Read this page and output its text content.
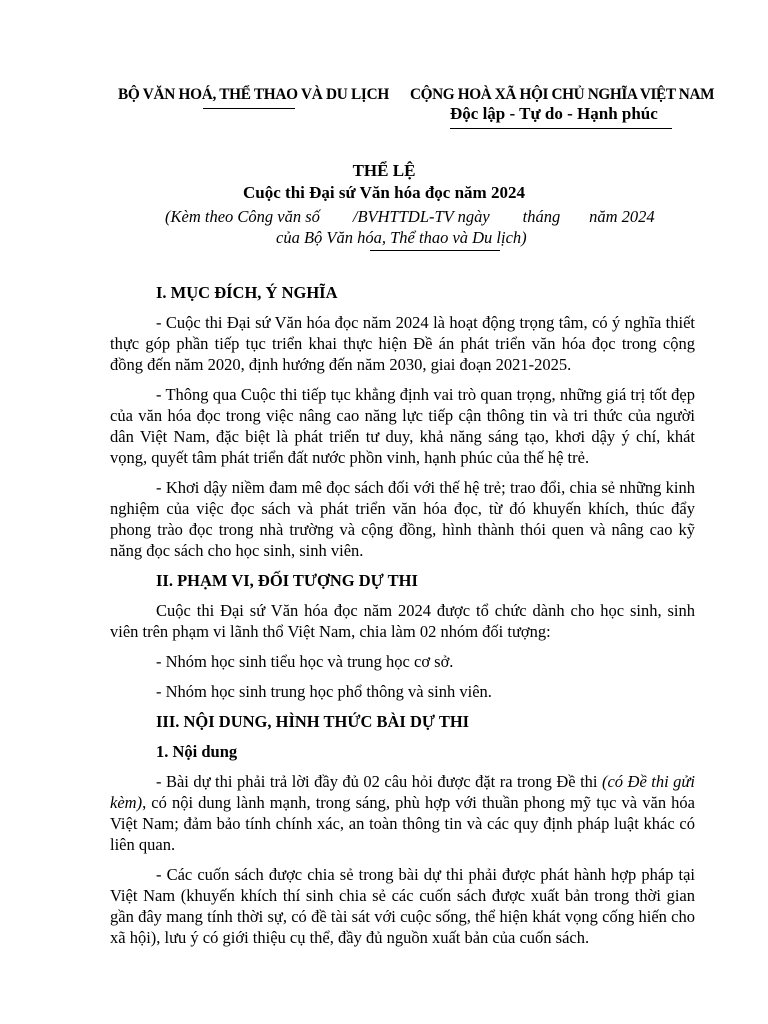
BỘ VĂN HOÁ, THỂ THAO VÀ DU LỊCH	CỘNG HOÀ XÃ HỘI CHỦ NGHĨA VIỆT NAM
Độc lập - Tự do - Hạnh phúc
THỂ LỆ
Cuộc thi Đại sứ Văn hóa đọc năm 2024
(Kèm theo Công văn số        /BVHTTDL-TV ngày        tháng       năm 2024
của Bộ Văn hóa, Thể thao và Du lịch)

I. MỤC ĐÍCH, Ý NGHĨA

- Cuộc thi Đại sứ Văn hóa đọc năm 2024 là hoạt động trọng tâm, có ý nghĩa thiết thực góp phần tiếp tục triển khai thực hiện Đề án phát triển văn hóa đọc trong cộng đồng đến năm 2020, định hướng đến năm 2030, giai đoạn 2021-2025.

- Thông qua Cuộc thi tiếp tục khẳng định vai trò quan trọng, những giá trị tốt đẹp của văn hóa đọc trong việc nâng cao năng lực tiếp cận thông tin và tri thức của người dân Việt Nam, đặc biệt là phát triển tư duy, khả năng sáng tạo, khơi dậy ý chí, khát vọng, quyết tâm phát triển đất nước phồn vinh, hạnh phúc của thế hệ trẻ.

- Khơi dậy niềm đam mê đọc sách đối với thế hệ trẻ; trao đổi, chia sẻ những kinh nghiệm của việc đọc sách và phát triển văn hóa đọc, từ đó khuyến khích, thúc đẩy phong trào đọc trong nhà trường và cộng đồng, hình thành thói quen và nâng cao kỹ năng đọc sách cho học sinh, sinh viên.

II. PHẠM VI, ĐỐI TƯỢNG DỰ THI

Cuộc thi Đại sứ Văn hóa đọc năm 2024 được tổ chức dành cho học sinh, sinh viên trên phạm vi lãnh thổ Việt Nam, chia làm 02 nhóm đối tượng:

- Nhóm học sinh tiểu học và trung học cơ sở.

- Nhóm học sinh trung học phổ thông và sinh viên.

III. NỘI DUNG, HÌNH THỨC BÀI DỰ THI

1. Nội dung

- Bài dự thi phải trả lời đầy đủ 02 câu hỏi được đặt ra trong Đề thi (có Đề thi gửi kèm), có nội dung lành mạnh, trong sáng, phù hợp với thuần phong mỹ tục và văn hóa Việt Nam; đảm bảo tính chính xác, an toàn thông tin và các quy định pháp luật khác có liên quan.

- Các cuốn sách được chia sẻ trong bài dự thi phải được phát hành hợp pháp tại Việt Nam (khuyến khích thí sinh chia sẻ các cuốn sách được xuất bản trong thời gian gần đây mang tính thời sự, có đề tài sát với cuộc sống, thể hiện khát vọng cống hiến cho xã hội), lưu ý có giới thiệu cụ thể, đầy đủ nguồn xuất bản của cuốn sách.
